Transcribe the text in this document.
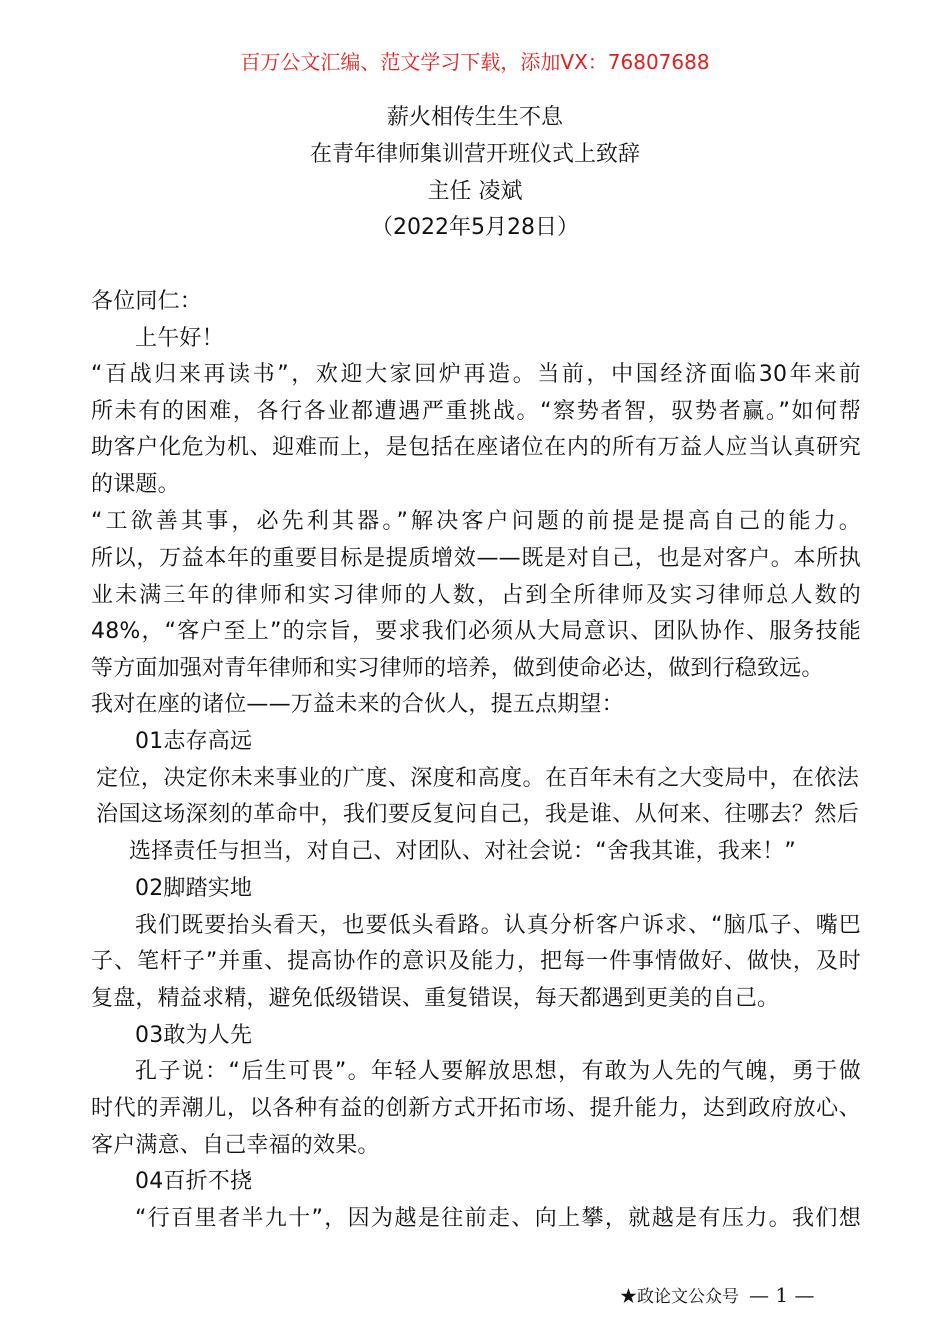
百万公文汇编、范文学习下载，添加VX：76807688
薪火相传生生不息
在青年律师集训营开班仪式上致辞
主任 凌斌
（2022年5月28日）
各位同仁：
上午好！
“百战归来再读书”，欢迎大家回炉再造。当前，中国经济面临30年来前
所未有的困难，各行各业都遭遇严重挑战。“察势者智，驭势者赢。”如何帮
助客户化危为机、迎难而上，是包括在座诸位在内的所有万益人应当认真研究
的课题。
“工欲善其事，必先利其器。”解决客户问题的前提是提高自己的能力。
所以，万益本年的重要目标是提质增效——既是对自己，也是对客户。本所执
业未满三年的律师和实习律师的人数，占到全所律师及实习律师总人数的
48%，“客户至上”的宗旨，要求我们必须从大局意识、团队协作、服务技能
等方面加强对青年律师和实习律师的培养，做到使命必达，做到行稳致远。
我对在座的诸位——万益未来的合伙人，提五点期望：
01志存高远
定位，决定你未来事业的广度、深度和高度。在百年未有之大变局中，在依法
治国这场深刻的革命中，我们要反复问自己，我是谁、从何来、往哪去？然后
选择责任与担当，对自己、对团队、对社会说：“舍我其谁，我来！”
02脚踏实地
我们既要抬头看天，也要低头看路。认真分析客户诉求、“脑瓜子、嘴巴
子、笔杆子”并重、提高协作的意识及能力，把每一件事情做好、做快，及时
复盘，精益求精，避免低级错误、重复错误，每天都遇到更美的自己。
03敢为人先
孔子说：“后生可畏”。年轻人要解放思想，有敢为人先的气魄，勇于做
时代的弄潮儿，以各种有益的创新方式开拓市场、提升能力，达到政府放心、
客户满意、自己幸福的效果。
04百折不挠
“行百里者半九十”，因为越是往前走、向上攀，就越是有压力。我们想
★政论文公众号 — 1 —
